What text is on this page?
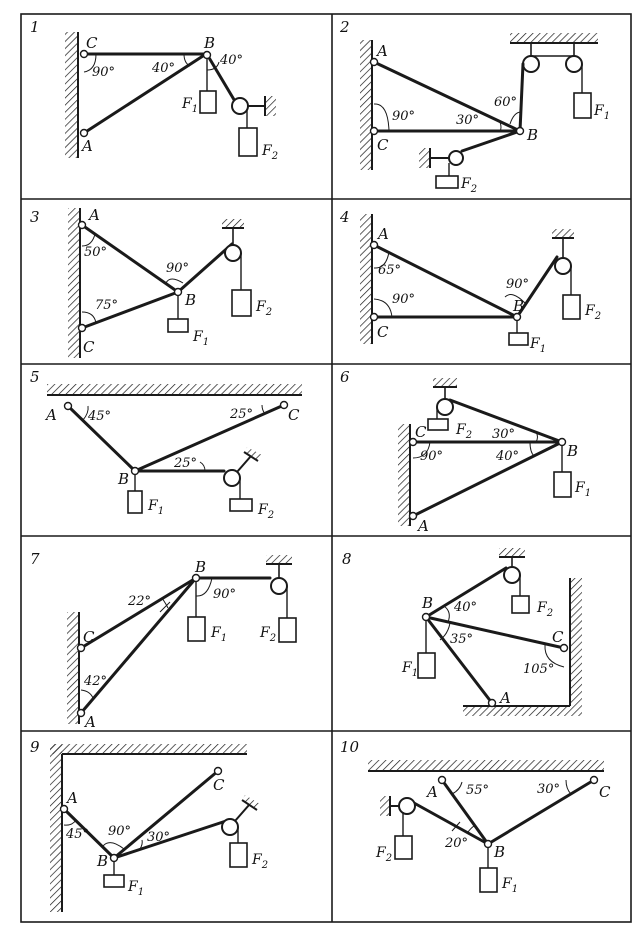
1
C	B
A
90°	40°
40°
$F_1$
$F_2$
2
A
C
B
90°	30°
60°
$F_1$
$F_2$
3	A
C
B
50°
75°
90°
$F_1$
$F_2$
4
A
C
B
65°
90°
90°
$F_1$
$F_2$
5
A	C
B
45°	25°
25°
$F_1$	$F_2$
6
C
A
B
30°
90°	40°
$F_1$
$F_2$
7	B
C
A
22°	90°
42°
$F_1$ $F_2$
8
B
C
A
40°
35°
105°
$F_1$
$F_2$
9
A
C
B
45° 90° 30°
$F_1$
$F_2$
10
A	C
B
55°	30°
20°
$F_1$
$F_2$
